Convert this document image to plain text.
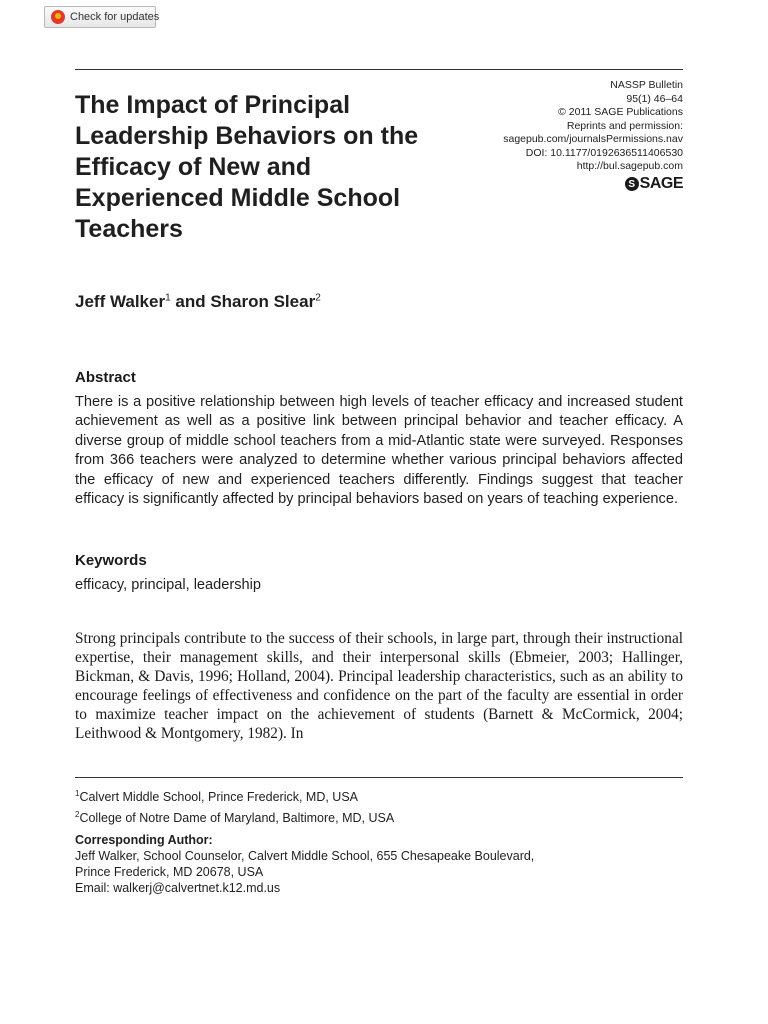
Check for updates
The Impact of Principal Leadership Behaviors on the Efficacy of New and Experienced Middle School Teachers
NASSP Bulletin
95(1) 46–64
© 2011 SAGE Publications
Reprints and permission:
sagepub.com/journalsPermissions.nav
DOI: 10.1177/0192636511406530
http://bul.sagepub.com
S SAGE
Jeff Walker$^1$ and Sharon Slear$^2$
Abstract

There is a positive relationship between high levels of teacher efficacy and increased student achievement as well as a positive link between principal behavior and teacher efficacy. A diverse group of middle school teachers from a mid-Atlantic state were surveyed. Responses from 366 teachers were analyzed to determine whether various principal behaviors affected the efficacy of new and experienced teachers differently. Findings suggest that teacher efficacy is significantly affected by principal behaviors based on years of teaching experience.

Keywords
efficacy, principal, leadership

Strong principals contribute to the success of their schools, in large part, through their instructional expertise, their management skills, and their interpersonal skills (Ebmeier, 2003; Hallinger, Bickman, & Davis, 1996; Holland, 2004). Principal leadership characteristics, such as an ability to encourage feelings of effectiveness and confidence on the part of the faculty are essential in order to maximize teacher impact on the achievement of students (Barnett & McCormick, 2004; Leithwood & Montgomery, 1982). In

$^1$Calvert Middle School, Prince Frederick, MD, USA
$^2$College of Notre Dame of Maryland, Baltimore, MD, USA
Corresponding Author:
Jeff Walker, School Counselor, Calvert Middle School, 655 Chesapeake Boulevard,
Prince Frederick, MD 20678, USA
Email: walkerj@calvertnet.k12.md.us
